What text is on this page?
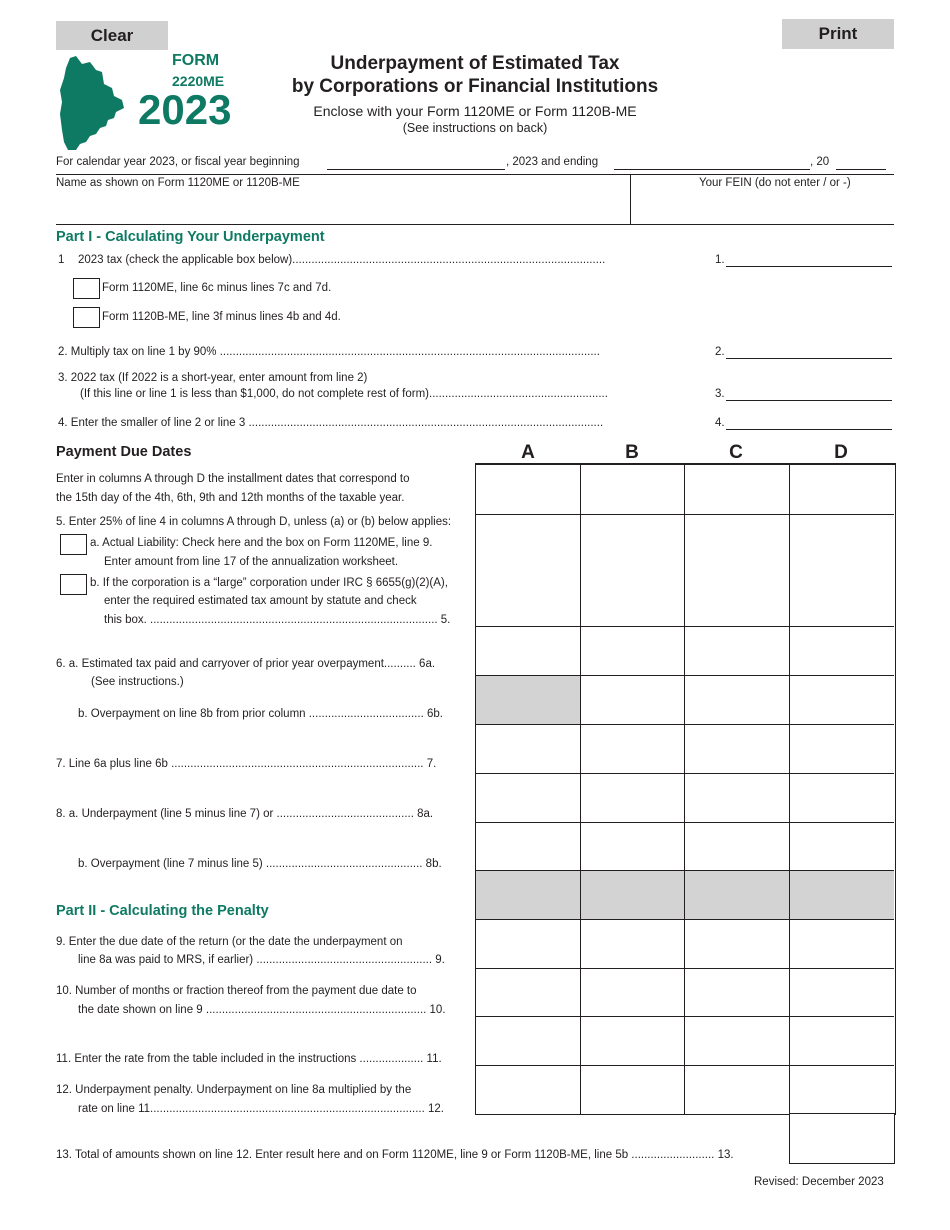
Clear	Print
FORM
2220ME
2023
Underpayment of Estimated Tax
by Corporations or Financial Institutions
Enclose with your Form 1120ME or Form 1120B-ME
(See instructions on back)
For calendar year 2023, or fiscal year beginning	, 2023 and ending	, 20
Name as shown on Form 1120ME or 1120B-ME	Your FEIN (do not enter / or -)
Part I - Calculating Your Underpayment
1 2023 tax (check the applicable box below)..................................................................................................	1.
Form 1120ME, line 6c minus lines 7c and 7d.
Form 1120B-ME, line 3f minus lines 4b and 4d.
2. Multiply tax on line 1 by 90% .......................................................................................................................	2.
3. 2022 tax (If 2022 is a short-year, enter amount from line 2)
(If this line or line 1 is less than $1,000, do not complete rest of form)........................................................	3.
4. Enter the smaller of line 2 or line 3 ...............................................................................................................	4.
Payment Due Dates	A	B	C	D
Enter in columns A through D the installment dates that correspond to
the 15th day of the 4th, 6th, 9th and 12th months of the taxable year.
5. Enter 25% of line 4 in columns A through D, unless (a) or (b) below applies:
a. Actual Liability: Check here and the box on Form 1120ME, line 9.
Enter amount from line 17 of the annualization worksheet.
b. If the corporation is a “large” corporation under IRC § 6655(g)(2)(A),
enter the required estimated tax amount by statute and check
this box. .......................................................................................... 5.
6. a. Estimated tax paid and carryover of prior year overpayment.......... 6a.
(See instructions.)
b. Overpayment on line 8b from prior column .................................... 6b.
7. Line 6a plus line 6b ............................................................................... 7.
8. a. Underpayment (line 5 minus line 7) or ........................................... 8a.
b. Overpayment (line 7 minus line 5) ................................................. 8b.
Part II - Calculating the Penalty
9. Enter the due date of the return (or the date the underpayment on
line 8a was paid to MRS, if earlier) ....................................................... 9.
10. Number of months or fraction thereof from the payment due date to
the date shown on line 9 ..................................................................... 10.
11. Enter the rate from the table included in the instructions .................... 11.
12. Underpayment penalty. Underpayment on line 8a multiplied by the
rate on line 11...................................................................................... 12.
13. Total of amounts shown on line 12. Enter result here and on Form 1120ME, line 9 or Form 1120B-ME, line 5b .......................... 13.
Revised: December 2023
